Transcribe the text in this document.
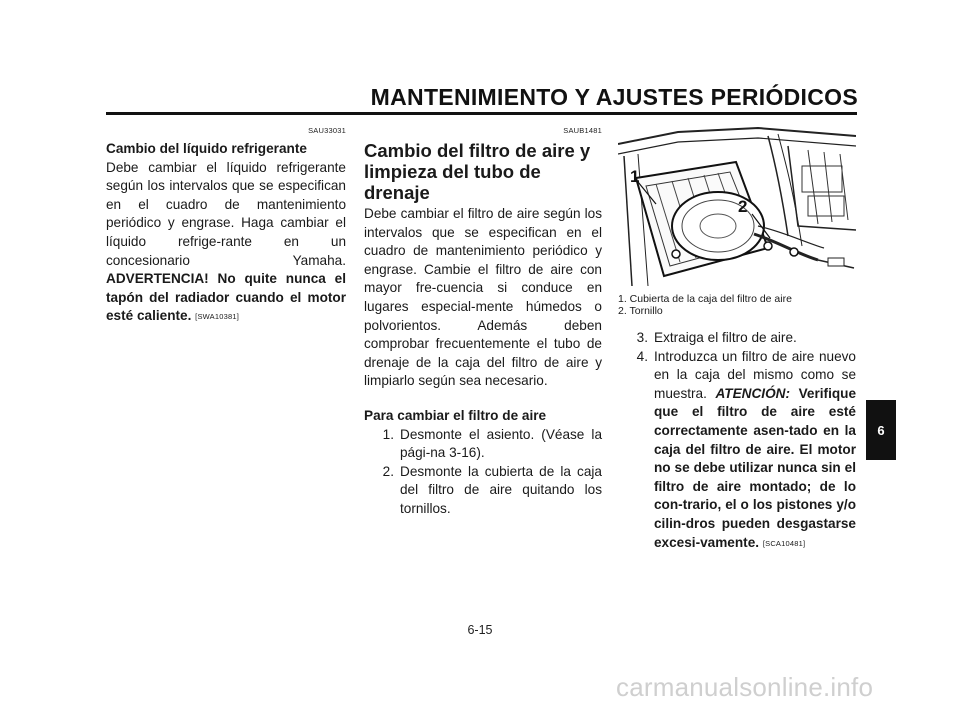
MANTENIMIENTO Y AJUSTES PERIÓDICOS
SAU33031
Cambio del líquido refrigerante

Debe cambiar el líquido refrigerante según los intervalos que se especifican en el cuadro de mantenimiento periódico y engrase. Haga cambiar el líquido refrige-rante en un concesionario Yamaha. ADVERTENCIA! No quite nunca el tapón del radiador cuando el motor esté caliente. [SWA10381]

SAUB1481
Cambio del filtro de aire y limpieza del tubo de drenaje

Debe cambiar el filtro de aire según los intervalos que se especifican en el cuadro de mantenimiento periódico y engrase. Cambie el filtro de aire con mayor fre-cuencia si conduce en lugares especial-mente húmedos o polvorientos. Además deben comprobar frecuentemente el tubo de drenaje de la caja del filtro de aire y limpiarlo según sea necesario.

Para cambiar el filtro de aire
1. Desmonte el asiento. (Véase la pági-na 3-16).
2. Desmonte la cubierta de la caja del filtro de aire quitando los tornillos.
1
2
1. Cubierta de la caja del filtro de aire
2. Tornillo
3. Extraiga el filtro de aire.
4. Introduzca un filtro de aire nuevo en la caja del mismo como se muestra. ATENCIÓN: Verifique que el filtro de aire esté correctamente asen-tado en la caja del filtro de aire. El motor no se debe utilizar nunca sin el filtro de aire montado; de lo con-trario, el o los pistones y/o cilin-dros pueden desgastarse excesi-vamente. [SCA10481]
6-15
6
carmanualsonline.info
